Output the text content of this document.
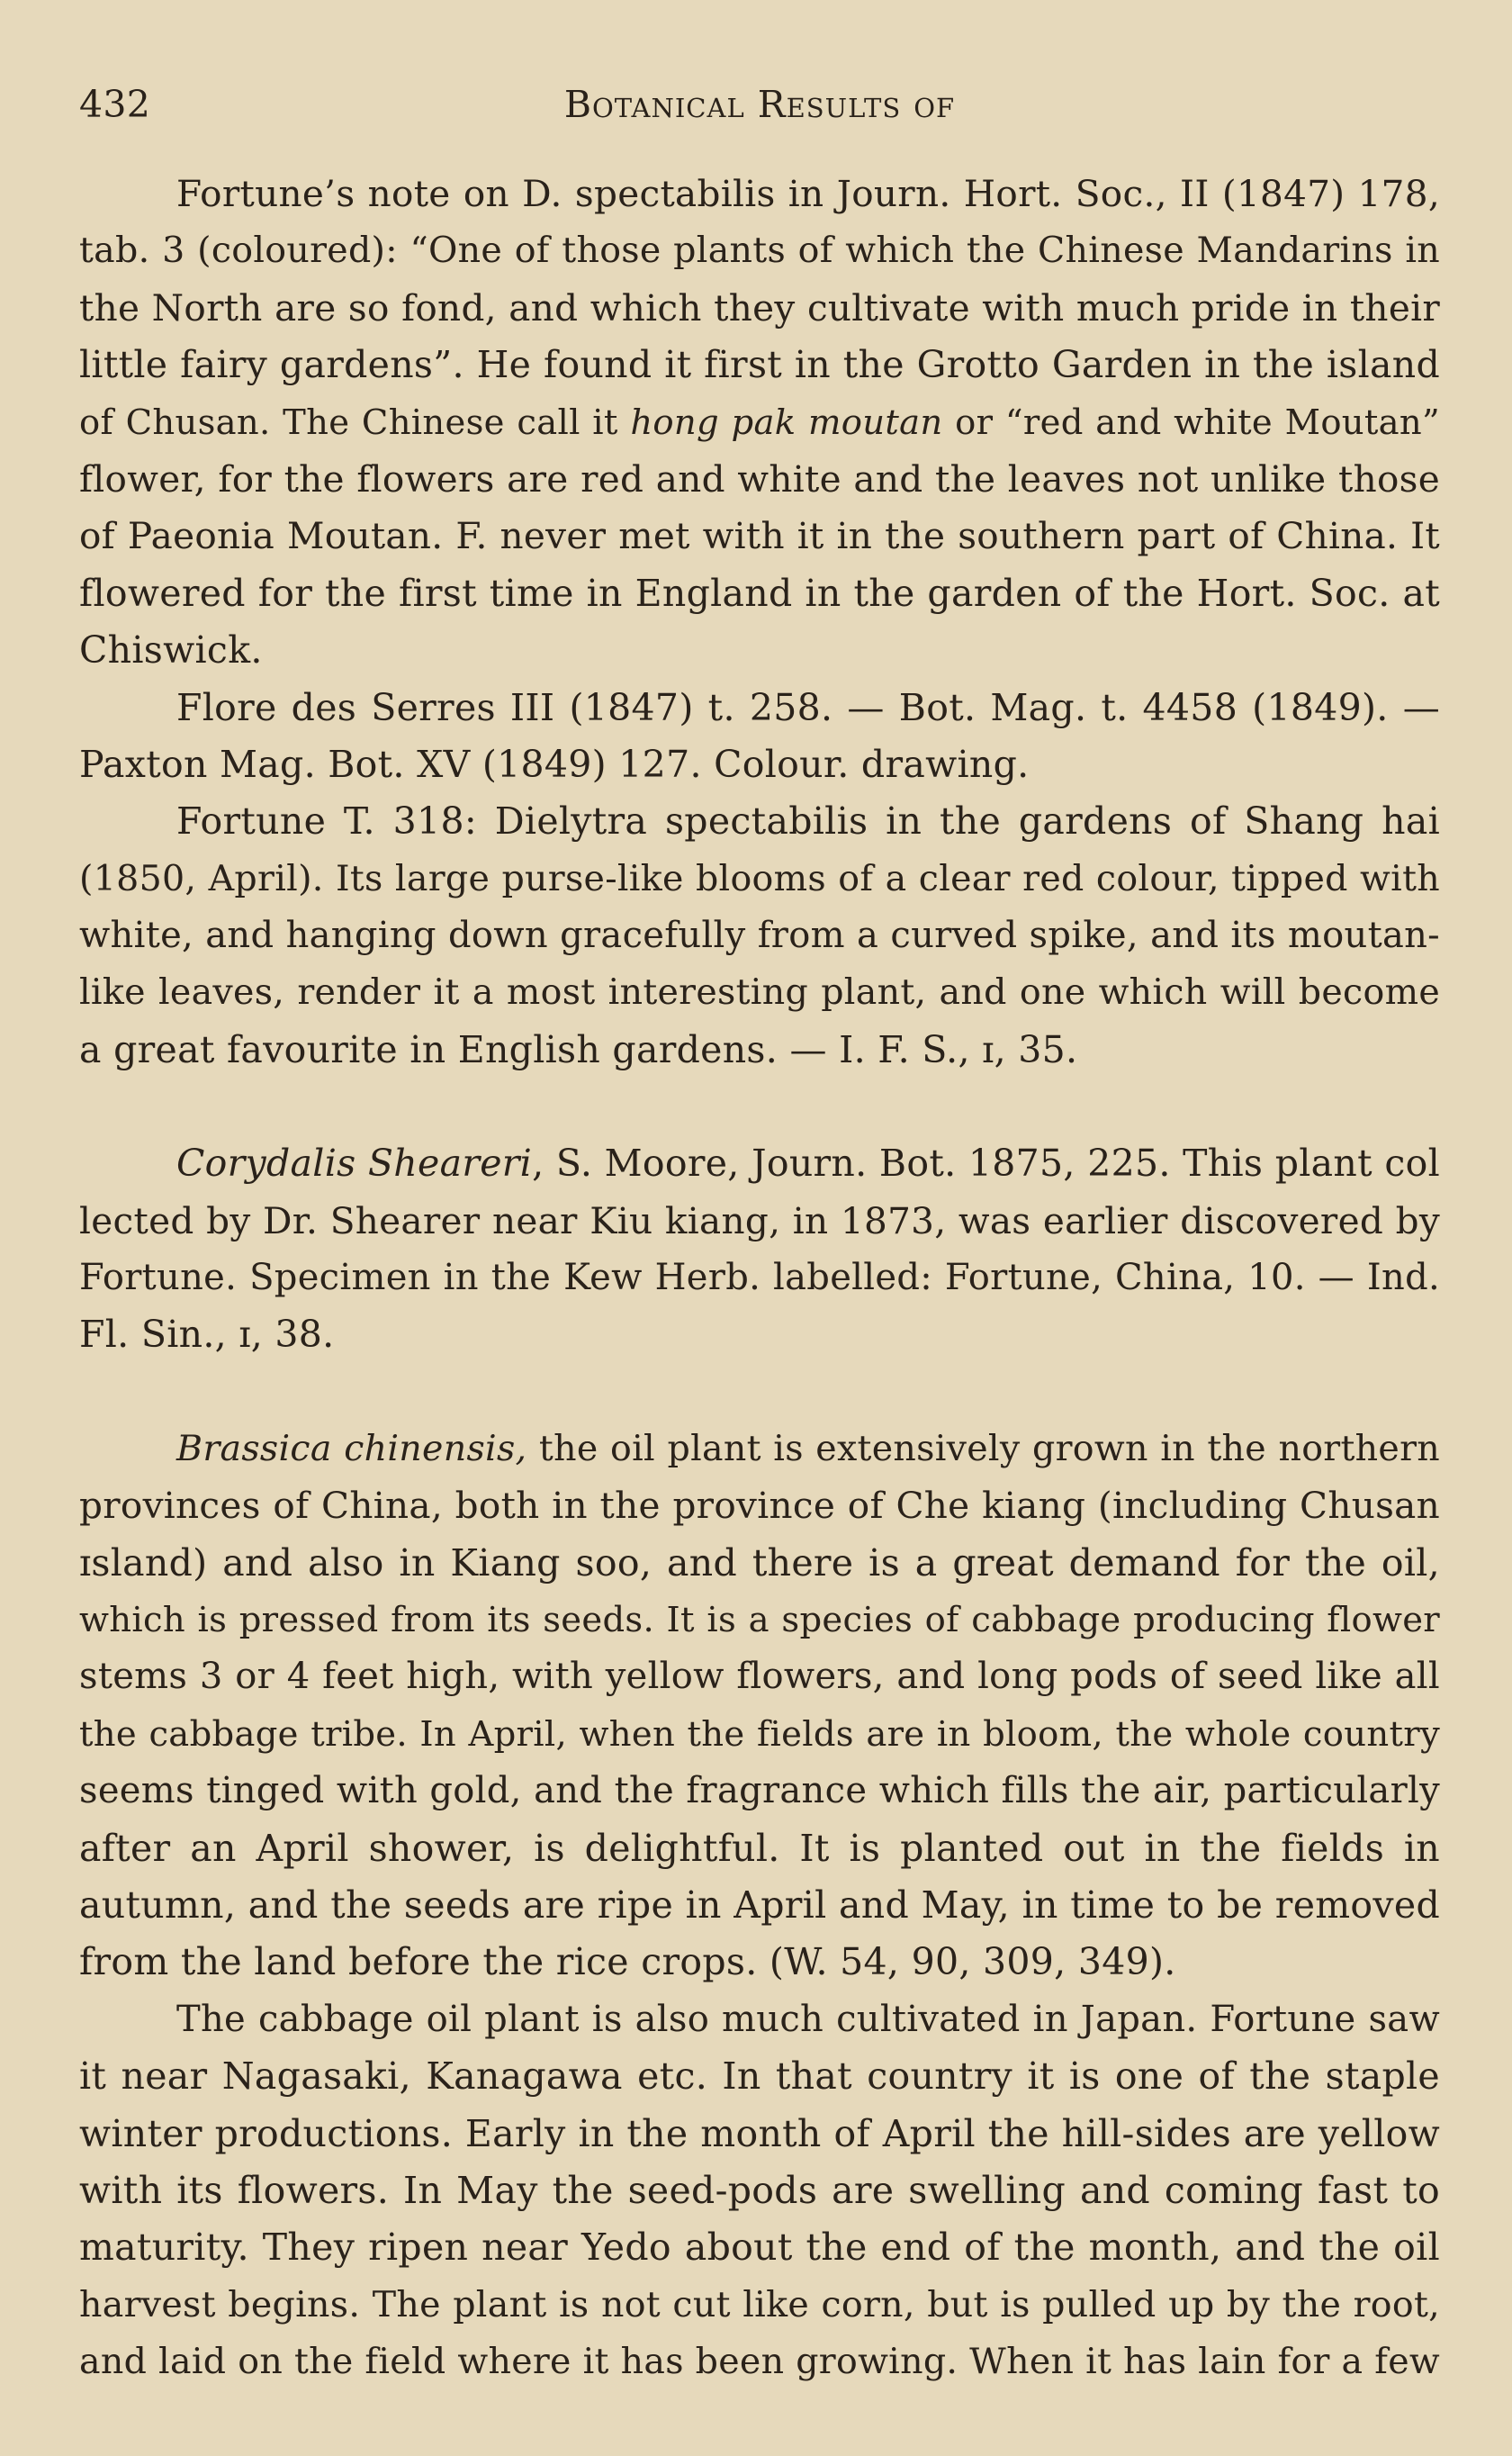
432	Botanical Results of
Fortune’s note on D. spectabilis in Journ. Hort. Soc., II (1847) 178,
tab. 3 (coloured): “One of those plants of which the Chinese Mandarins in
the North are so fond, and which they cultivate with much pride in their
little fairy gardens”. He found it first in the Grotto Garden in the island
of Chusan. The Chinese call it hong pak moutan or “red and white Moutan”
flower, for the flowers are red and white and the leaves not unlike those
of Paeonia Moutan. F. never met with it in the southern part of China. It
flowered for the first time in England in the garden of the Hort. Soc. at
Chiswick.
Flore des Serres III (1847) t. 258. — Bot. Mag. t. 4458 (1849). —
Paxton Mag. Bot. XV (1849) 127. Colour. drawing.
Fortune T. 318: Dielytra spectabilis in the gardens of Shang hai
(1850, April). Its large purse-like blooms of a clear red colour, tipped with
white, and hanging down gracefully from a curved spike, and its moutan-
like leaves, render it a most interesting plant, and one which will become
a great favourite in English gardens. — I. F. S., ɪ, 35.
Corydalis Shearerі, S. Moore, Journ. Bot. 1875, 225. This plant col
lected by Dr. Shearer near Kiu kiang, in 1873, was earlier discovered by
Fortune. Specimen in the Kew Herb. labelled: Fortune, China, 10. — Ind.
Fl. Sin., ɪ, 38.
Brassica chinensis, the oil plant is extensively grown in the northern
provinces of China, both in the province of Che kiang (including Chusan
ɪsland) and also in Kiang soo, and there is a great demand for the oil,
which is pressed from its seeds. It is a species of cabbage producing flower
stems 3 or 4 feet high, with yellow flowers, and long pods of seed like all
the cabbage tribe. In April, when the fields are in bloom, the whole country
seems tinged with gold, and the fragrance which fills the air, particularly
after an April shower, is delightful. It is planted out in the fields in
autumn, and the seeds are ripe in April and May, in time to be removed
from the land before the rice crops. (W. 54, 90, 309, 349).
The cabbage oil plant is also much cultivated in Japan. Fortune saw
it near Nagasaki, Kanagawa etc. In that country it is one of the staple
winter productions. Early in the month of April the hill-sides are yellow
with its flowers. In May the seed-pods are swelling and coming fast to
maturity. They ripen near Yedo about the end of the month, and the oil
harvest begins. The plant is not cut like corn, but is pulled up by the root,
and laid on the field where it has been growing. When it has lain for a few
